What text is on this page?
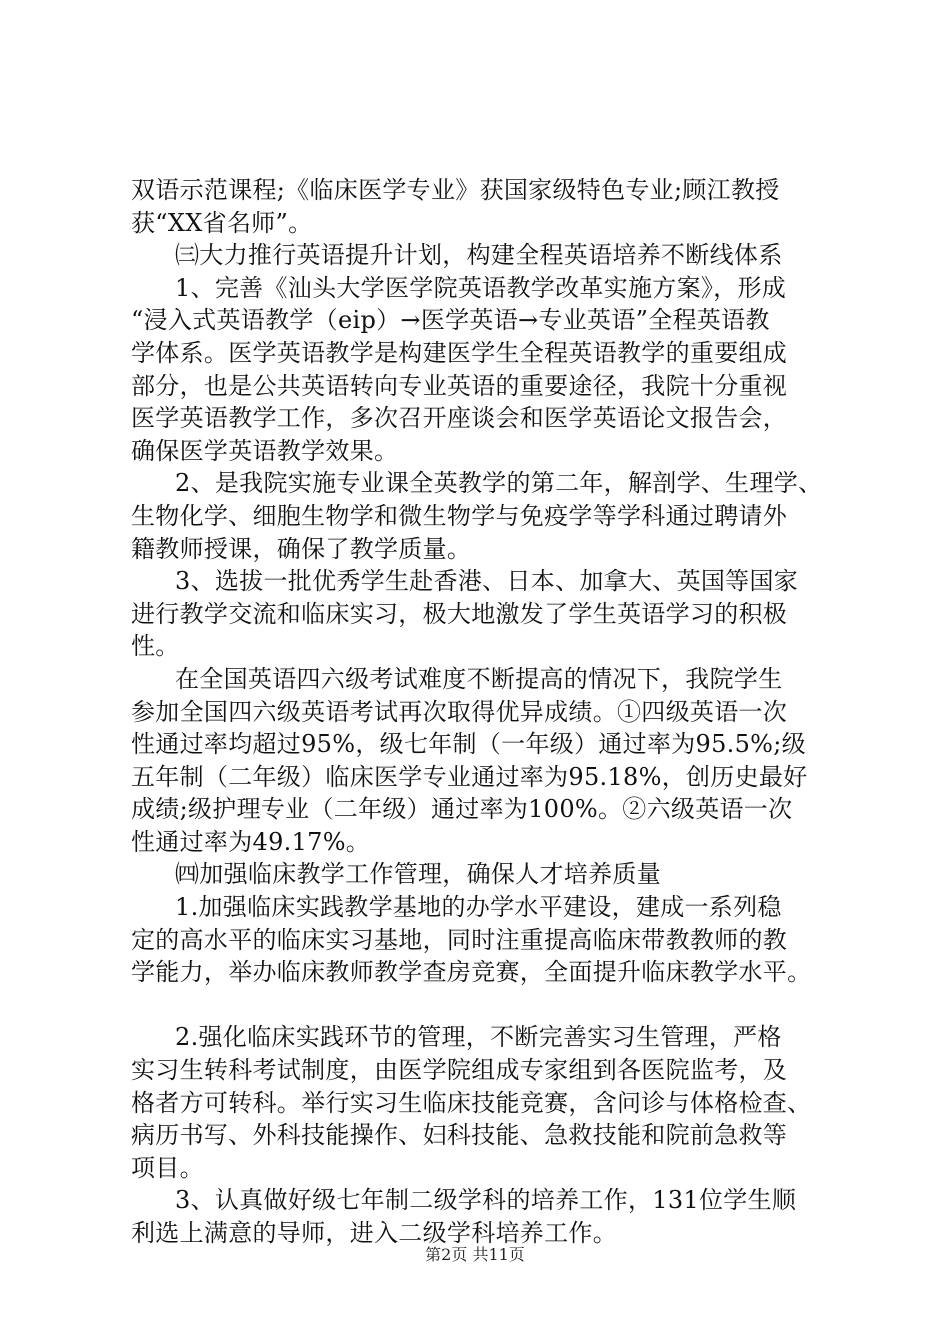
双语示范课程;《临床医学专业》获国家级特色专业;顾江教授
获“XX省名师”。
㈢大力推行英语提升计划，构建全程英语培养不断线体系
1、完善《汕头大学医学院英语教学改革实施方案》，形成
“浸入式英语教学（eip）→医学英语→专业英语”全程英语教
学体系。医学英语教学是构建医学生全程英语教学的重要组成
部分，也是公共英语转向专业英语的重要途径，我院十分重视
医学英语教学工作，多次召开座谈会和医学英语论文报告会，
确保医学英语教学效果。
2、是我院实施专业课全英教学的第二年，解剖学、生理学、
生物化学、细胞生物学和微生物学与免疫学等学科通过聘请外
籍教师授课，确保了教学质量。
3、选拔一批优秀学生赴香港、日本、加拿大、英国等国家
进行教学交流和临床实习，极大地激发了学生英语学习的积极
性。
在全国英语四六级考试难度不断提高的情况下，我院学生
参加全国四六级英语考试再次取得优异成绩。①四级英语一次
性通过率均超过95%，级七年制（一年级）通过率为95.5%;级
五年制（二年级）临床医学专业通过率为95.18%，创历史最好
成绩;级护理专业（二年级）通过率为100%。②六级英语一次
性通过率为49.17%。
㈣加强临床教学工作管理，确保人才培养质量
1.加强临床实践教学基地的办学水平建设，建成一系列稳
定的高水平的临床实习基地，同时注重提高临床带教教师的教
学能力，举办临床教师教学查房竞赛，全面提升临床教学水平。
2.强化临床实践环节的管理，不断完善实习生管理，严格
实习生转科考试制度，由医学院组成专家组到各医院监考，及
格者方可转科。举行实习生临床技能竞赛，含问诊与体格检查、
病历书写、外科技能操作、妇科技能、急救技能和院前急救等
项目。
3、认真做好级七年制二级学科的培养工作，131位学生顺
利选上满意的导师，进入二级学科培养工作。
第2页 共11页
